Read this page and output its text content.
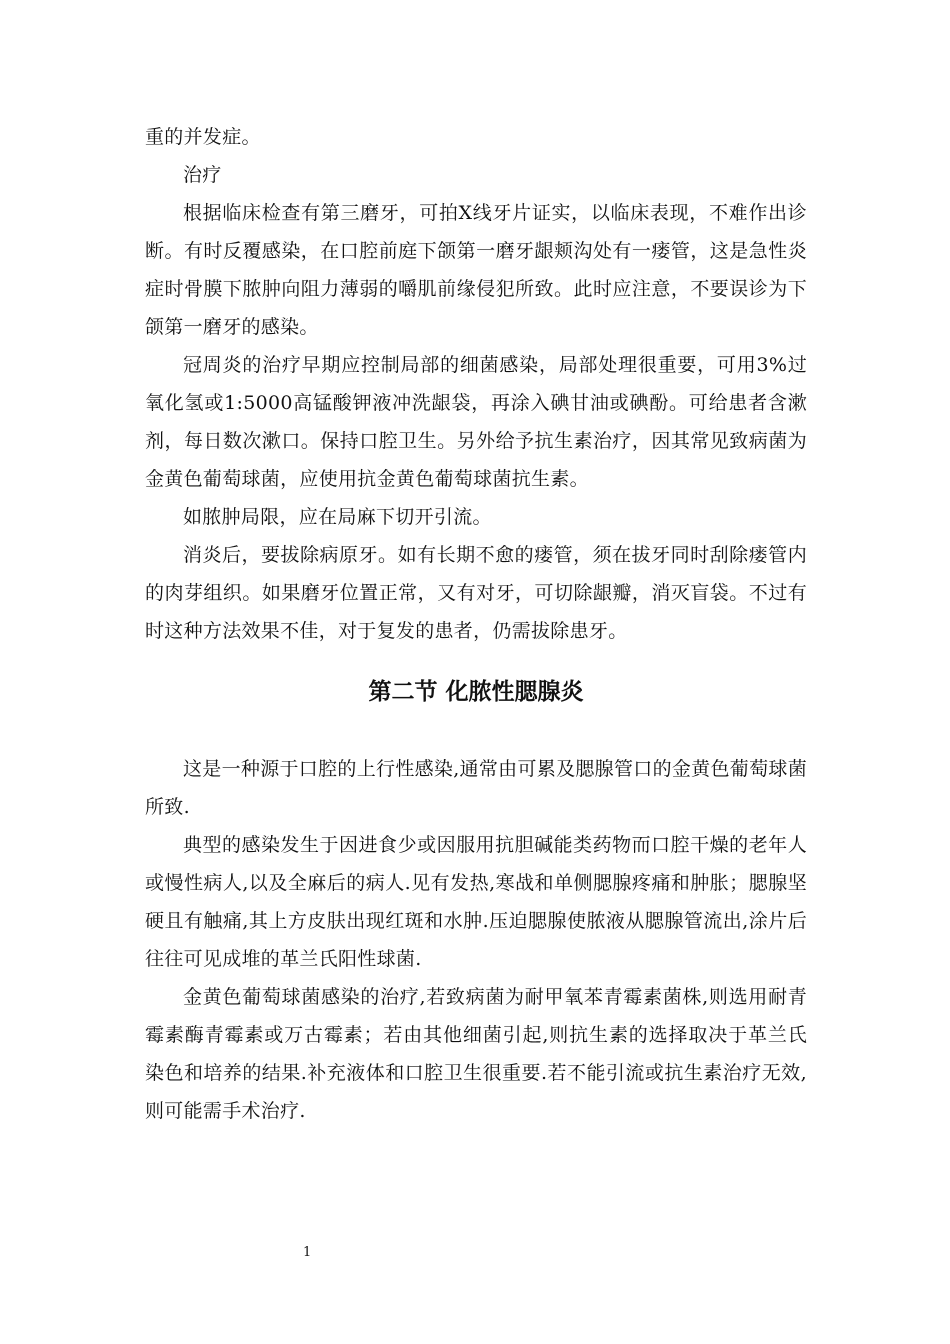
重的并发症。

治疗

根据临床检查有第三磨牙，可拍X线牙片证实，以临床表现，不难作出诊断。有时反覆感染，在口腔前庭下颌第一磨牙龈颊沟处有一瘘管，这是急性炎症时骨膜下脓肿向阻力薄弱的嚼肌前缘侵犯所致。此时应注意，不要误诊为下颌第一磨牙的感染。

冠周炎的治疗早期应控制局部的细菌感染，局部处理很重要，可用3%过氧化氢或1:5000高锰酸钾液冲洗龈袋，再涂入碘甘油或碘酚。可给患者含漱剂，每日数次漱口。保持口腔卫生。另外给予抗生素治疗，因其常见致病菌为金黄色葡萄球菌，应使用抗金黄色葡萄球菌抗生素。

如脓肿局限，应在局麻下切开引流。

消炎后，要拔除病原牙。如有长期不愈的瘘管，须在拔牙同时刮除瘘管内的肉芽组织。如果磨牙位置正常，又有对牙，可切除龈瓣，消灭盲袋。不过有时这种方法效果不佳，对于复发的患者，仍需拔除患牙。

第二节 化脓性腮腺炎

这是一种源于口腔的上行性感染,通常由可累及腮腺管口的金黄色葡萄球菌所致.

典型的感染发生于因进食少或因服用抗胆碱能类药物而口腔干燥的老年人或慢性病人,以及全麻后的病人.见有发热,寒战和单侧腮腺疼痛和肿胀；腮腺坚硬且有触痛,其上方皮肤出现红斑和水肿.压迫腮腺使脓液从腮腺管流出,涂片后往往可见成堆的革兰氏阳性球菌.

金黄色葡萄球菌感染的治疗,若致病菌为耐甲氧苯青霉素菌株,则选用耐青霉素酶青霉素或万古霉素；若由其他细菌引起,则抗生素的选择取决于革兰氏染色和培养的结果.补充液体和口腔卫生很重要.若不能引流或抗生素治疗无效,则可能需手术治疗.

1
